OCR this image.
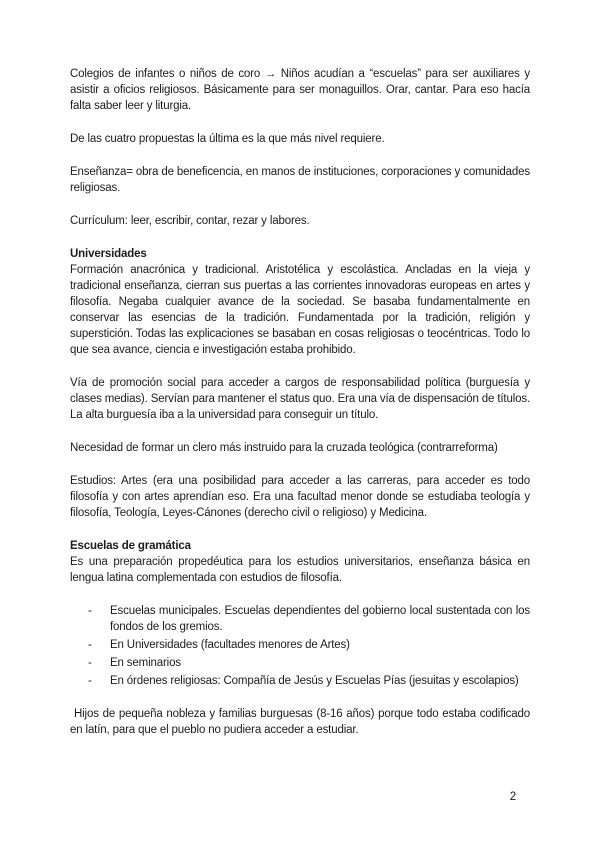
Colegios de infantes o niños de coro → Niños acudían a “escuelas” para ser auxiliares y asistir a oficios religiosos. Básicamente para ser monaguillos. Orar, cantar. Para eso hacía falta saber leer y liturgia.

De las cuatro propuestas la última es la que más nivel requiere.

Enseñanza= obra de beneficencia, en manos de instituciones, corporaciones y comunidades religiosas.

Currículum: leer, escribir, contar, rezar y labores.

Universidades

Formación anacrónica y tradicional. Aristotélica y escolástica. Ancladas en la vieja y tradicional enseñanza, cierran sus puertas a las corrientes innovadoras europeas en artes y filosofía. Negaba cualquier avance de la sociedad. Se basaba fundamentalmente en conservar las esencias de la tradición. Fundamentada por la tradición, religión y superstición. Todas las explicaciones se basaban en cosas religiosas o teocéntricas. Todo lo que sea avance, ciencia e investigación estaba prohibido.

Vía de promoción social para acceder a cargos de responsabilidad política (burguesía y clases medias). Servían para mantener el status quo. Era una vía de dispensación de títulos. La alta burguesía iba a la universidad para conseguir un título.

Necesidad de formar un clero más instruido para la cruzada teológica (contrarreforma)

Estudios: Artes (era una posibilidad para acceder a las carreras, para acceder es todo filosofía y con artes aprendían eso. Era una facultad menor donde se estudiaba teología y filosofía, Teología, Leyes-Cánones (derecho civil o religioso) y Medicina.

Escuelas de gramática

Es una preparación propedéutica para los estudios universitarios, enseñanza básica en lengua latina complementada con estudios de filosofía.

- Escuelas municipales. Escuelas dependientes del gobierno local sustentada con los fondos de los gremios.
- En Universidades (facultades menores de Artes)
- En seminarios
- En órdenes religiosas: Compañía de Jesús y Escuelas Pías (jesuitas y escolapios)

Hijos de pequeña nobleza y familias burguesas (8-16 años) porque todo estaba codificado en latín, para que el pueblo no pudiera acceder a estudiar.

2
